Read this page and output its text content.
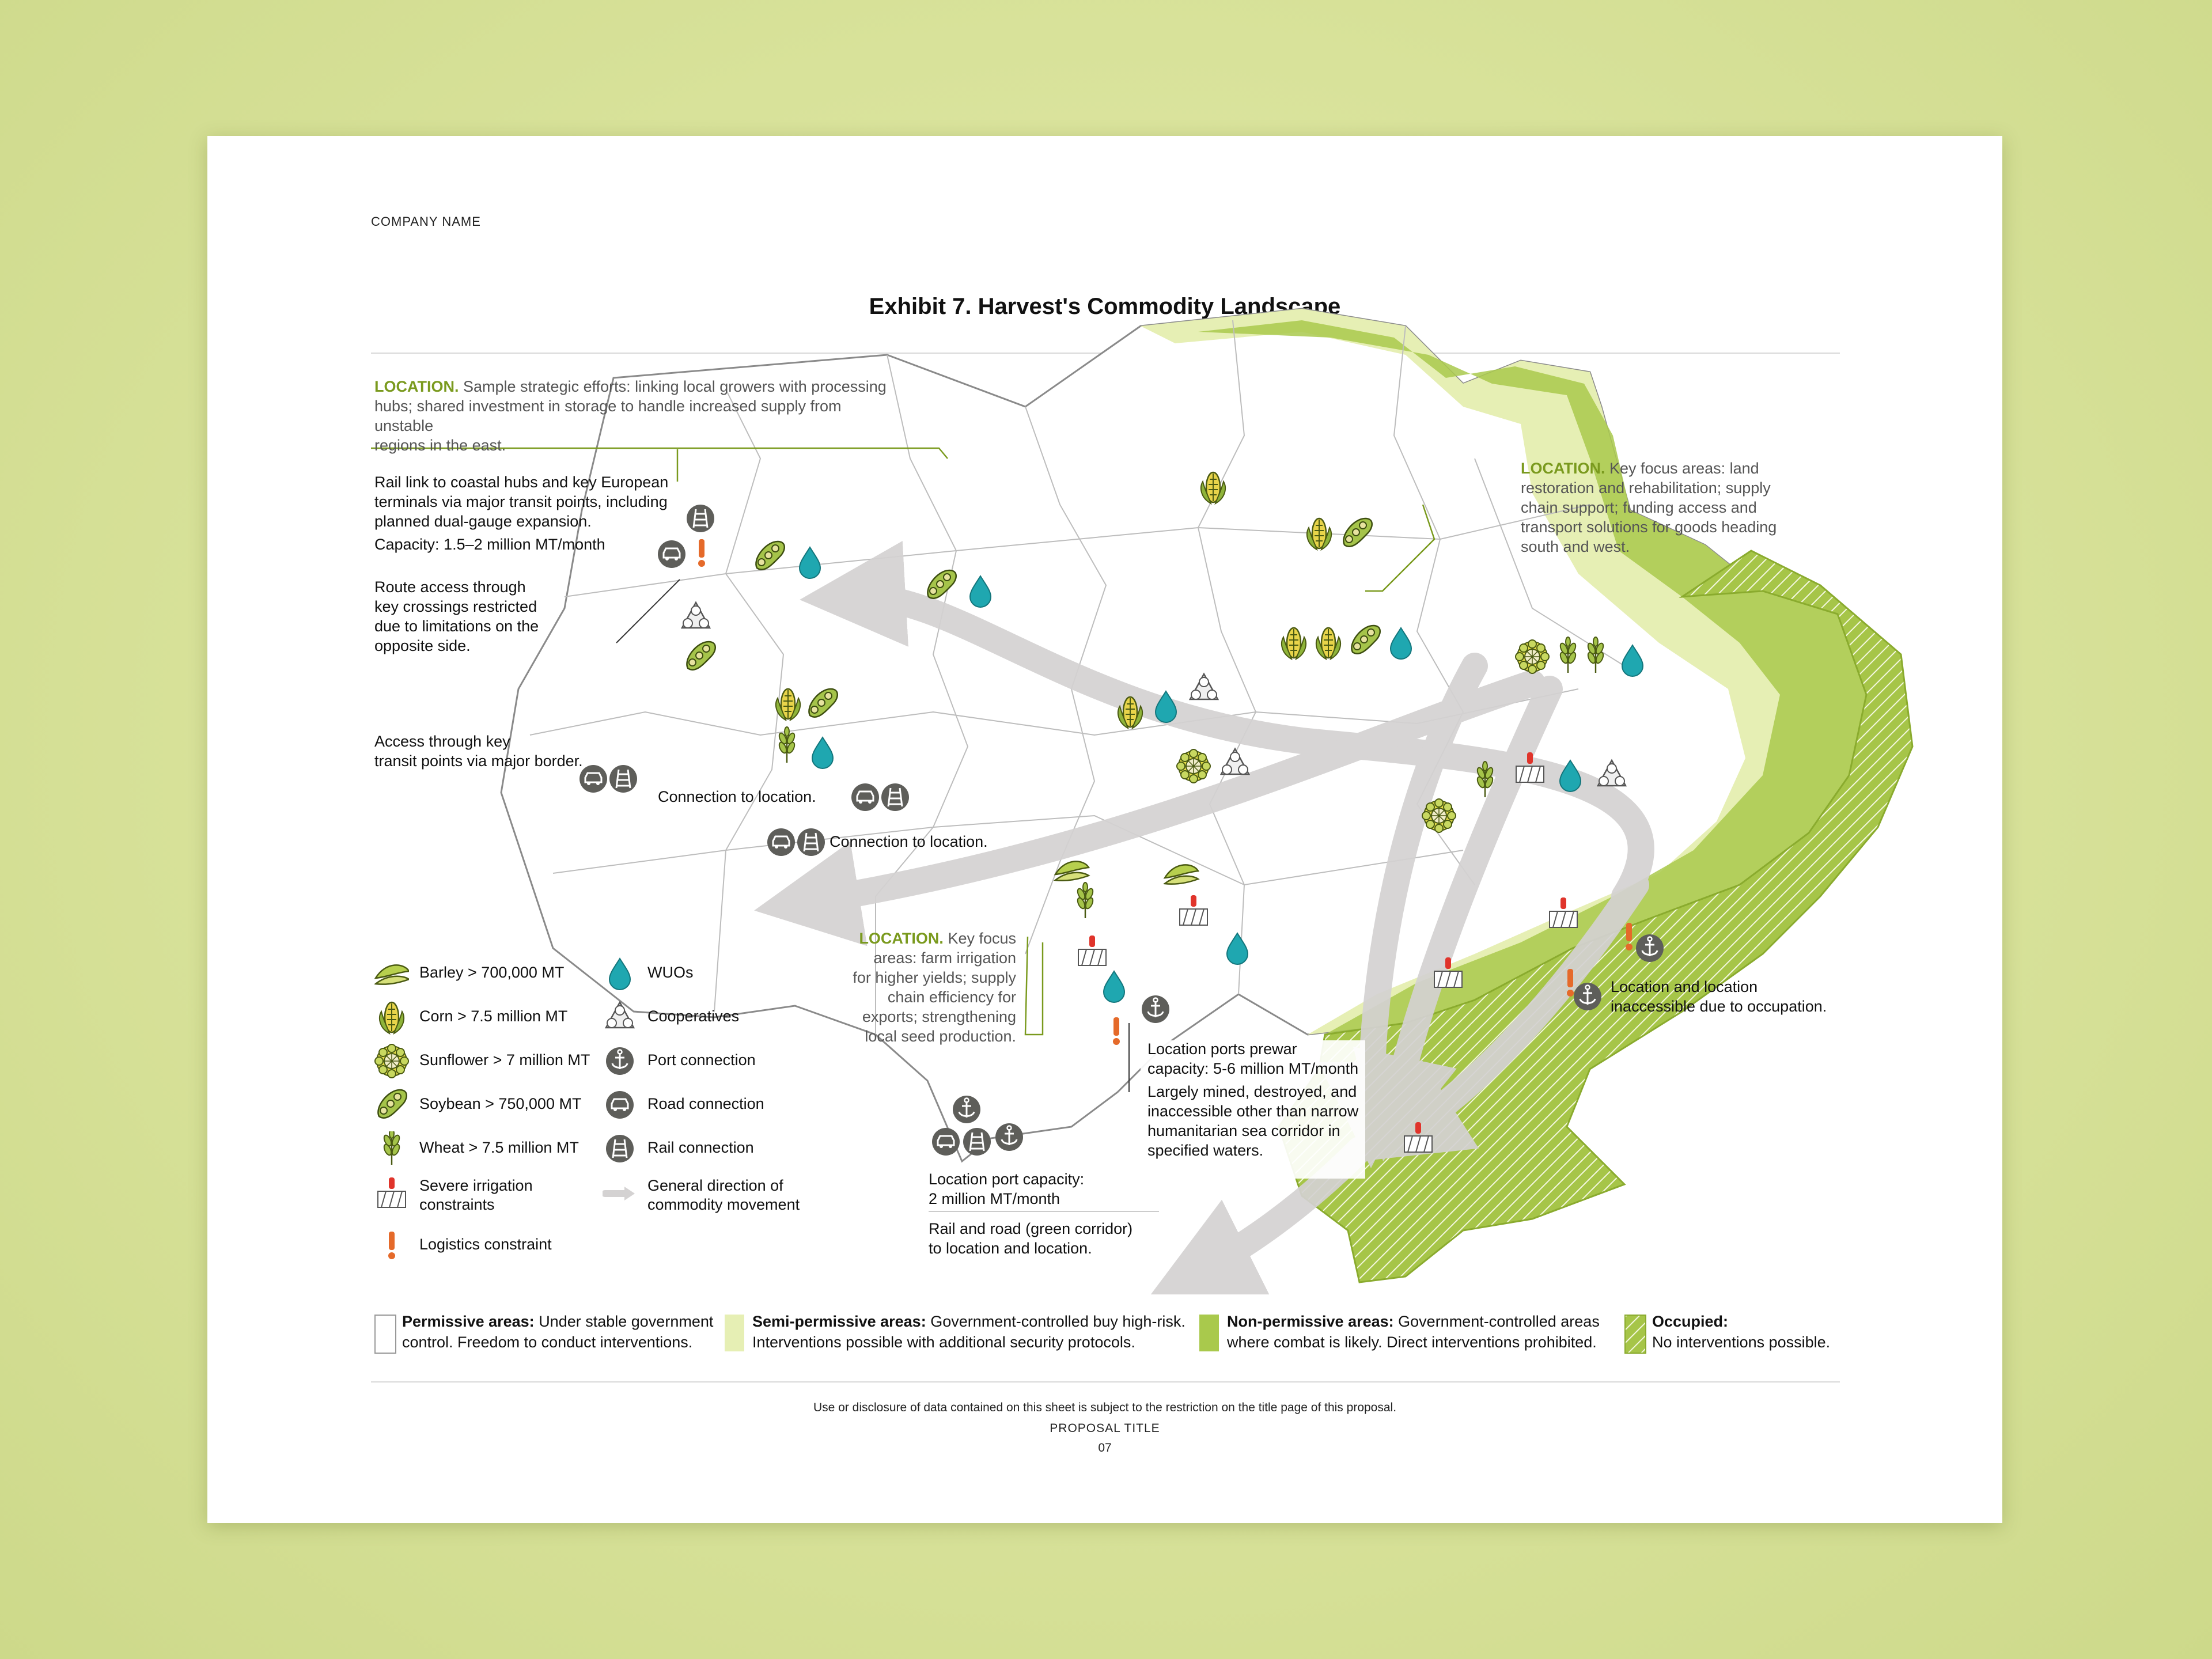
COMPANY NAME
Exhibit 7. Harvest's Commodity Landscape
LOCATION. Sample strategic efforts: linking local growers with processing
hubs; shared investment in storage to handle increased supply from unstable
regions in the east.
LOCATION. Key focus areas: land
restoration and rehabilitation; supply
chain support; funding access and
transport solutions for goods heading
south and west.
LOCATION. Key focus
areas: farm irrigation
for higher yields; supply
chain efficiency for
exports; strengthening
local seed production.
Rail link to coastal hubs and key European
terminals via major transit points, including
planned dual-gauge expansion.
Capacity: 1.5–2 million MT/month
Route access through
key crossings restricted
due to limitations on the
opposite side.
Access through key
transit points via major border.
Connection to location.
Connection to location.
Location and location
inaccessible due to occupation.
Location ports prewar
capacity: 5-6 million MT/month
Largely mined, destroyed, and
inaccessible other than narrow
humanitarian sea corridor in
specified waters.
Location port capacity:
2 million MT/month
Rail and road (green corridor)
to location and location.
Barley > 700,000 MT
Corn > 7.5 million MT
Sunflower > 7 million MT
Soybean > 750,000 MT
Wheat > 7.5 million MT
Severe irrigation
constraints
Logistics constraint
WUOs
Cooperatives
Port connection
Road connection
Rail connection
General direction of
commodity movement
Permissive areas: Under stable government
control. Freedom to conduct interventions.
Semi-permissive areas: Government-controlled buy high-risk.
Interventions possible with additional security protocols.
Non-permissive areas: Government-controlled areas
where combat is likely. Direct interventions prohibited.
Occupied:
No interventions possible.
Use or disclosure of data contained on this sheet is subject to the restriction on the title page of this proposal.
PROPOSAL TITLE
07
